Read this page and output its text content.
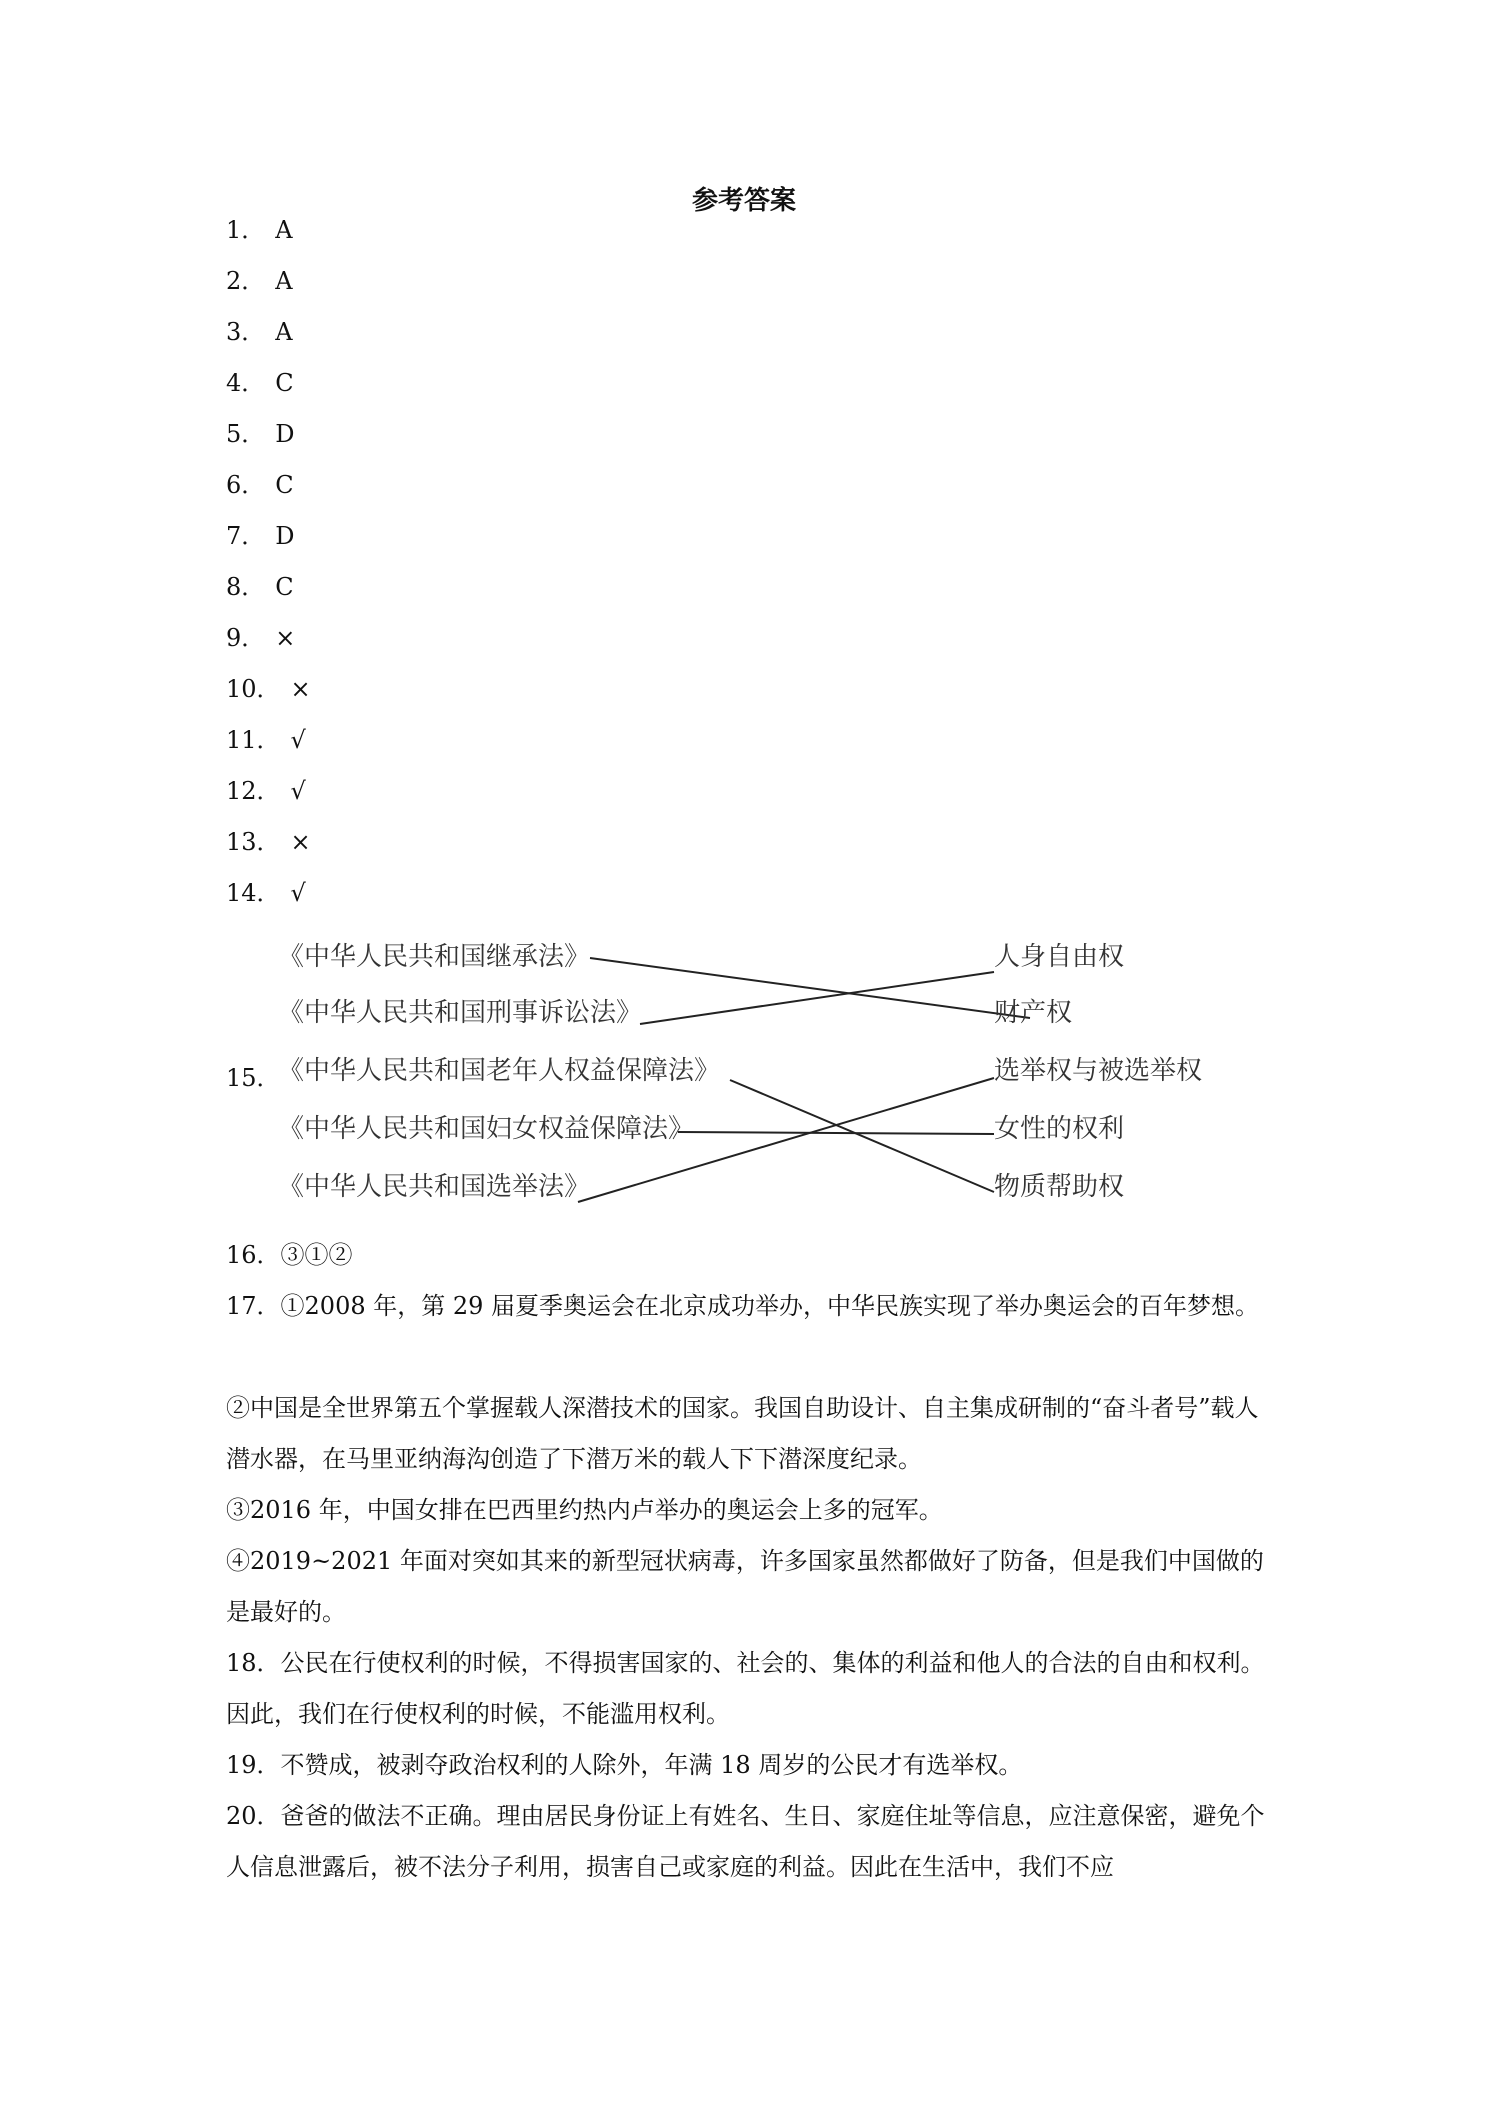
参考答案
1． A
2． A
3． A
4． C
5． D
6． C
7． D
8． C
9． ×
10． ×
11． √
12． √
13． ×
14． √
15．
《中华人民共和国继承法》
《中华人民共和国刑事诉讼法》
《中华人民共和国老年人权益保障法》
《中华人民共和国妇女权益保障法》
《中华人民共和国选举法》
人身自由权
财产权
选举权与被选举权
女性的权利
物质帮助权
16．③①②
17．①2008 年，第 29 届夏季奥运会在北京成功举办，中华民族实现了举办奥运会的百年梦想。
②中国是全世界第五个掌握载人深潜技术的国家。我国自助设计、自主集成研制的“奋斗者号”载人潜水器，在马里亚纳海沟创造了下潜万米的载人下下潜深度纪录。
③2016 年，中国女排在巴西里约热内卢举办的奥运会上多的冠军。
④2019~2021 年面对突如其来的新型冠状病毒，许多国家虽然都做好了防备，但是我们中国做的是最好的。
18．公民在行使权利的时候，不得损害国家的、社会的、集体的利益和他人的合法的自由和权利。因此，我们在行使权利的时候，不能滥用权利。
19．不赞成，被剥夺政治权利的人除外，年满 18 周岁的公民才有选举权。
20．爸爸的做法不正确。理由居民身份证上有姓名、生日、家庭住址等信息，应注意保密，避免个人信息泄露后，被不法分子利用，损害自己或家庭的利益。因此在生活中，我们不应
